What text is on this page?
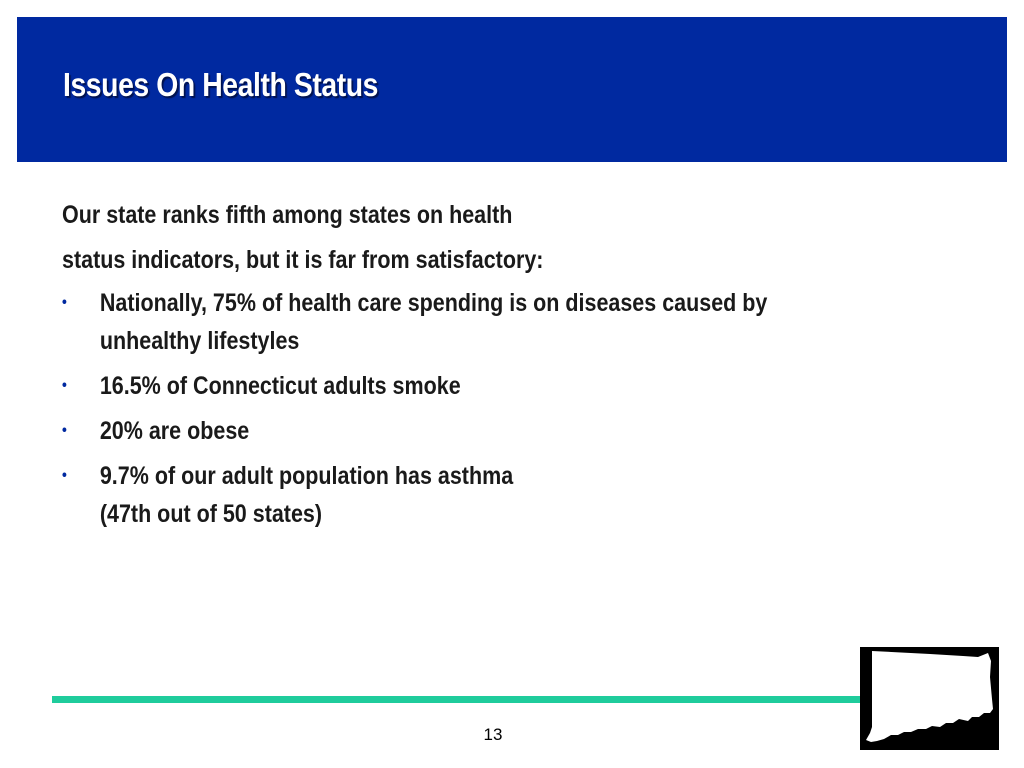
Issues On Health Status

Our state ranks fifth among states on health

status indicators, but it is far from satisfactory:

•	Nationally, 75% of health care spending is on diseases caused by
unhealthy lifestyles
•	16.5% of Connecticut adults smoke
•	20% are obese
•	9.7% of our adult population has asthma
(47th out of 50 states)
13
